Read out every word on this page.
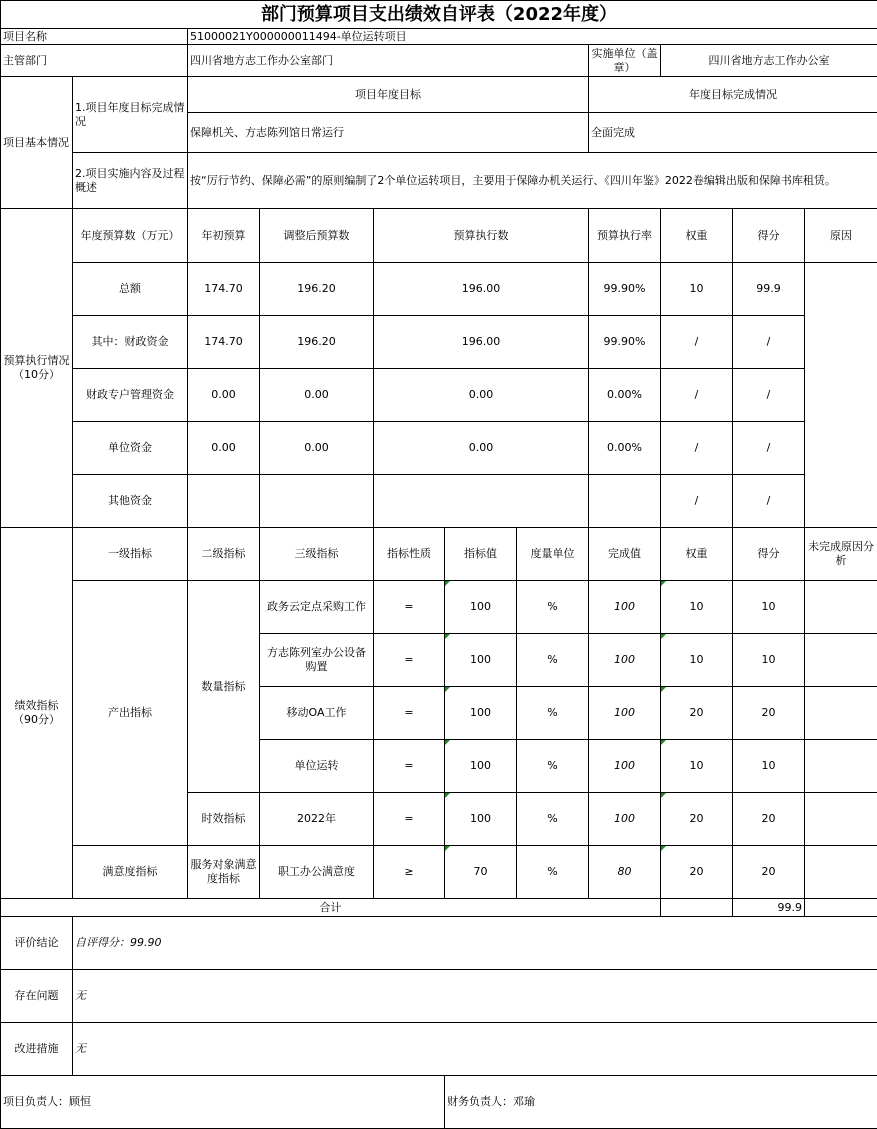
部门预算项目支出绩效自评表（2022年度）										
项目名称		51000021Y000000011494-单位运转项目								
主管部门		四川省地方志工作办公室部门					实施单位（盖章）	四川省地方志工作办公室		
项目基本情况	1.项目年度目标完成情况	项目年度目标					年度目标完成情况			
		保障机关、方志陈列馆日常运行					全面完成			
	2.项目实施内容及过程概述	按“厉行节约、保障必需”的原则编制了2个单位运转项目，主要用于保障办机关运行、《四川年鉴》2022卷编辑出版和保障书库租赁。								
预算执行情况（10分）	年度预算数（万元）	年初预算	调整后预算数	预算执行数			预算执行率	权重	得分	原因
	总额	174.70	196.20	196.00			99.90%	10	99.9	
	其中：财政资金	174.70	196.20	196.00			99.90%	/	/	
	财政专户管理资金	0.00	0.00	0.00			0.00%	/	/	
	单位资金	0.00	0.00	0.00			0.00%	/	/	
	其他资金							/	/	
绩效指标（90分）	一级指标	二级指标	三级指标	指标性质	指标值	度量单位	完成值	权重	得分	未完成原因分析
	产出指标	数量指标	政务云定点采购工作	=	100	%	100	10	10	
			方志陈列室办公设备购置	=	100	%	100	10	10	
			移动OA工作	=	100	%	100	20	20	
			单位运转	=	100	%	100	10	10	
		时效指标	2022年	=	100	%	100	20	20	
	满意度指标	服务对象满意度指标	职工办公满意度	≥	70	%	80	20	20	
合计									99.9	
评价结论	自评得分：99.90									
存在问题	无									
改进措施	无									
项目负责人：顾恒					财务负责人：邓瑜					
